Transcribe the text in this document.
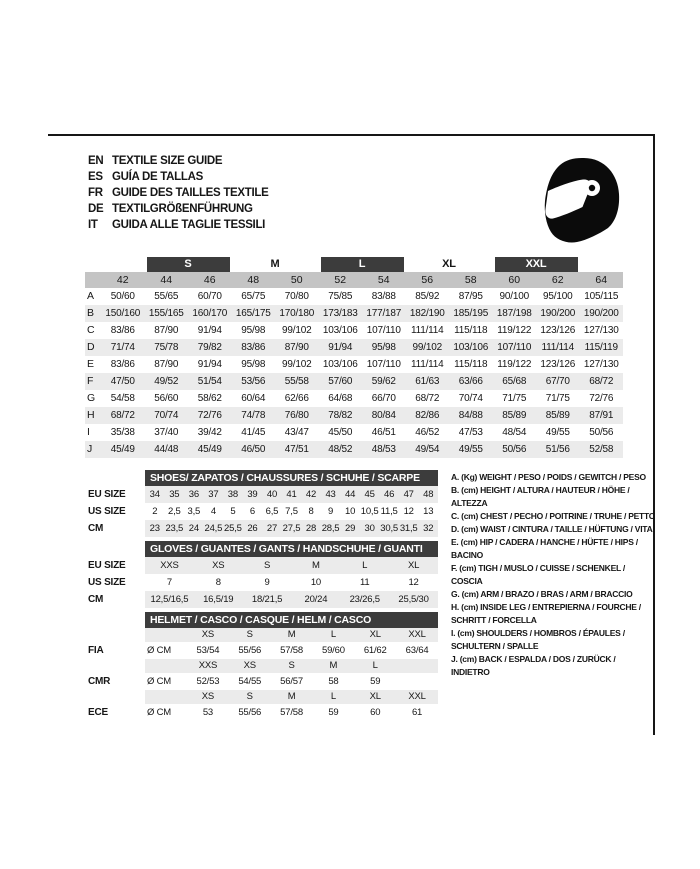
EN TEXTILE SIZE GUIDE
ES GUÍA DE TALLAS
FR GUIDE DES TAILLES TEXTILE
DE TEXTILGRÖßENFÜHRUNG
IT	GUIDA ALLE TAGLIE TESSILI

		S		M		L		XL		XXL		

	42	44	46	48	50	52	54	56	58	60	62	64
A	50/60	55/65	60/70	65/75	70/80	75/85	83/88	85/92	87/95	90/100	95/100	105/115
B	150/160	155/165	160/170	165/175	170/180	173/183	177/187	182/190	185/195	187/198	190/200	190/200
C	83/86	87/90	91/94	95/98	99/102	103/106	107/110	111/114	115/118	119/122	123/126	127/130
D	71/74	75/78	79/82	83/86	87/90	91/94	95/98	99/102	103/106	107/110	111/114	115/119
E	83/86	87/90	91/94	95/98	99/102	103/106	107/110	111/114	115/118	119/122	123/126	127/130
F	47/50	49/52	51/54	53/56	55/58	57/60	59/62	61/63	63/66	65/68	67/70	68/72
G	54/58	56/60	58/62	60/64	62/66	64/68	66/70	68/72	70/74	71/75	71/75	72/76
H	68/72	70/74	72/76	74/78	76/80	78/82	80/84	82/86	84/88	85/89	85/89	87/91
I	35/38	37/40	39/42	41/45	43/47	45/50	46/51	46/52	47/53	48/54	49/55	50/56
J	45/49	44/48	45/49	46/50	47/51	48/52	48/53	49/54	49/55	50/56	51/56	52/58
SHOES/ ZAPATOS / CHAUSSURES / SCHUHE / SCARPE
EU SIZE	34 35 36 37 38 39 40 41 42 43 44 45 46 47 48
US SIZE	2	2,5 3,5	4	5	6	6,5 7,5	8	9	10 10,5 11,5 12 13
CM	23 23,5 24 24,5 25,5 26 27 27,5 28 28,5 29 30 30,5 31,5 32
GLOVES / GUANTES / GANTS / HANDSCHUHE / GUANTI
EU SIZE	XXS	XS	S	M	L	XL
US SIZE	7	8	9	10	11	12
CM	12,5/16,5	16,5/19	18/21,5	20/24	23/26,5	25,5/30
HELMET / CASCO / CASQUE / HELM / CASCO
XS	S	M	L	XL	XXL
FIA	Ø CM	53/54	55/56	57/58	59/60	61/62	63/64
XXS	XS	S	M	L
CMR	Ø CM	52/53	54/55	56/57	58	59
XS	S	M	L	XL	XXL
ECE	Ø CM	53	55/56	57/58	59	60	61
A. (Kg) WEIGHT / PESO / POIDS / GEWITCH / PESO
B. (cm) HEIGHT / ALTURA / HAUTEUR / HÖHE / ALTEZZA
C. (cm) CHEST / PECHO / POITRINE / TRUHE / PETTO
D. (cm) WAIST / CINTURA / TAILLE / HÜFTUNG / VITA
E. (cm) HIP / CADERA / HANCHE / HÜFTE / HIPS / BACINO
F. (cm) TIGH / MUSLO / CUISSE / SCHENKEL / COSCIA
G. (cm) ARM / BRAZO / BRAS / ARM / BRACCIO
H. (cm) INSIDE LEG / ENTREPIERNA / FOURCHE / SCHRITT / FORCELLA
I. (cm) SHOULDERS / HOMBROS / ÉPAULES / SCHULTERN / SPALLE
J. (cm) BACK / ESPALDA / DOS / ZURÜCK / INDIETRO
